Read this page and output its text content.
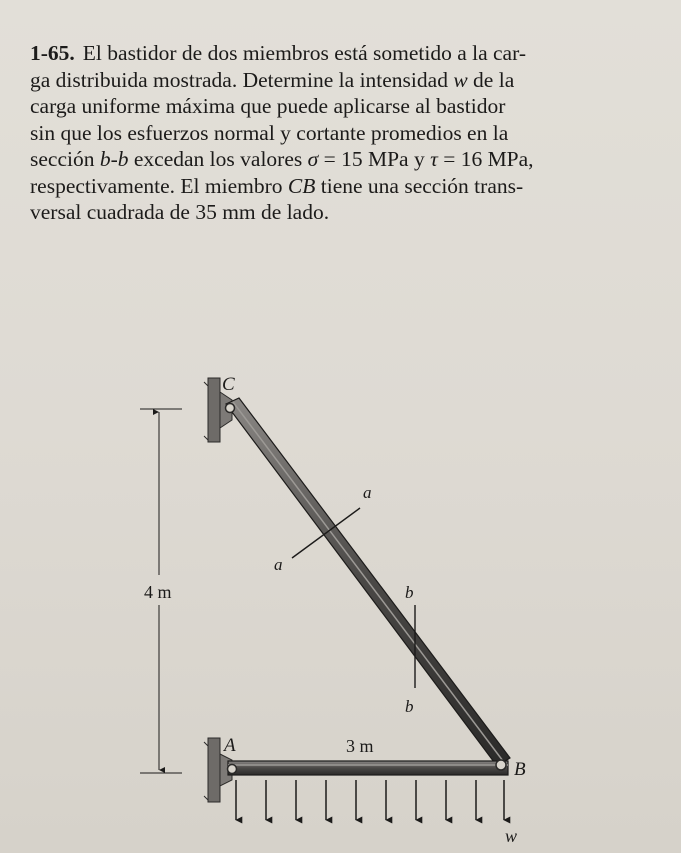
1-65. El bastidor de dos miembros está sometido a la car-
ga distribuida mostrada. Determine la intensidad w de la
carga uniforme máxima que puede aplicarse al bastidor
sin que los esfuerzos normal y cortante promedios en la
sección b-b excedan los valores σ = 15 MPa y τ = 16 MPa,
respectivamente. El miembro CB tiene una sección trans-
versal cuadrada de 35 mm de lado.
C
A
B
w
4 m
3 m
a
a
b
b
